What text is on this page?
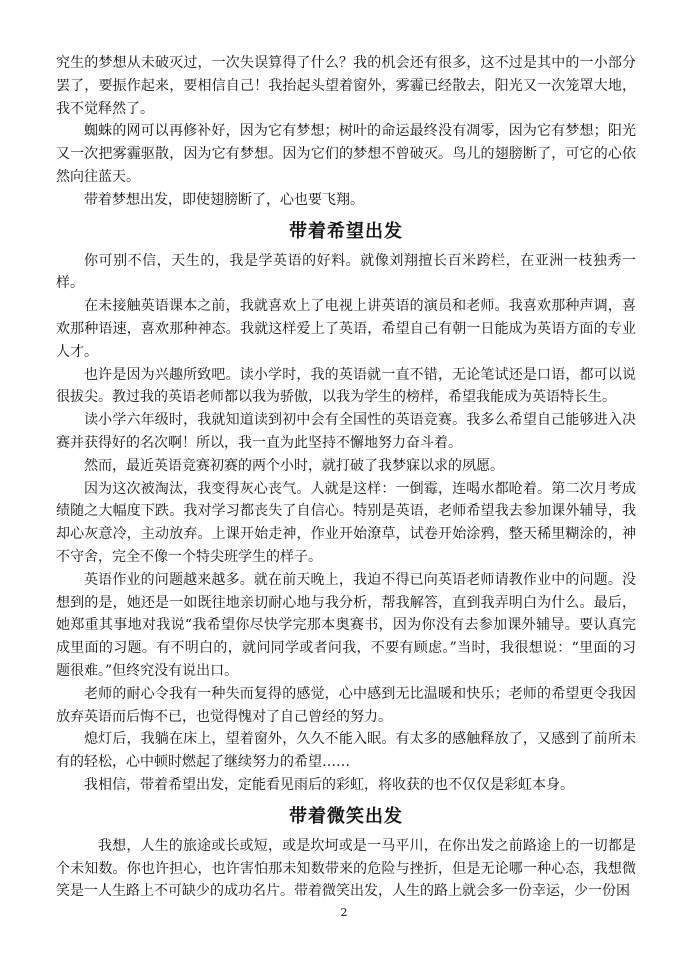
究生的梦想从未破灭过，一次失误算得了什么？我的机会还有很多，这不过是其中的一小部分罢了，要振作起来，要相信自己！我抬起头望着窗外，雾霾已经散去，阳光又一次笼罩大地，我不觉释然了。

蜘蛛的网可以再修补好，因为它有梦想；树叶的命运最终没有凋零，因为它有梦想；阳光又一次把雾霾驱散，因为它有梦想。因为它们的梦想不曾破灭。鸟儿的翅膀断了，可它的心依然向往蓝天。

带着梦想出发，即使翅膀断了，心也要飞翔。

带着希望出发

你可别不信，天生的，我是学英语的好料。就像刘翔擅长百米跨栏，在亚洲一枝独秀一样。

在未接触英语课本之前，我就喜欢上了电视上讲英语的演员和老师。我喜欢那种声调，喜欢那种语速，喜欢那种神态。我就这样爱上了英语，希望自己有朝一日能成为英语方面的专业人才。

也许是因为兴趣所致吧。读小学时，我的英语就一直不错，无论笔试还是口语，都可以说很拔尖。教过我的英语老师都以我为骄傲，以我为学生的榜样，希望我能成为英语特长生。

读小学六年级时，我就知道读到初中会有全国性的英语竞赛。我多么希望自己能够进入决赛并获得好的名次啊！所以，我一直为此坚持不懈地努力奋斗着。

然而，最近英语竞赛初赛的两个小时，就打破了我梦寐以求的夙愿。

因为这次被淘汰，我变得灰心丧气。人就是这样：一倒霉，连喝水都呛着。第二次月考成绩随之大幅度下跌。我对学习都丧失了自信心。特别是英语，老师希望我去参加课外辅导，我却心灰意冷，主动放弃。上课开始走神，作业开始潦草，试卷开始涂鸦，整天稀里糊涂的，神不守舍，完全不像一个特尖班学生的样子。

英语作业的问题越来越多。就在前天晚上，我迫不得已向英语老师请教作业中的问题。没想到的是，她还是一如既往地亲切耐心地与我分析，帮我解答，直到我弄明白为什么。最后，她郑重其事地对我说“我希望你尽快学完那本奥赛书，因为你没有去参加课外辅导。要认真完成里面的习题。有不明白的，就问同学或者问我，不要有顾虑。”当时，我很想说：“里面的习题很难。”但终究没有说出口。

老师的耐心令我有一种失而复得的感觉，心中感到无比温暖和快乐；老师的希望更令我因放弃英语而后悔不已，也觉得愧对了自己曾经的努力。

熄灯后，我躺在床上，望着窗外，久久不能入眠。有太多的感触释放了，又感到了前所未有的轻松，心中顿时燃起了继续努力的希望……

我相信，带着希望出发，定能看见雨后的彩虹，将收获的也不仅仅是彩虹本身。

带着微笑出发

我想，人生的旅途或长或短，或是坎坷或是一马平川，在你出发之前路途上的一切都是个未知数。你也许担心，也许害怕那未知数带来的危险与挫折，但是无论哪一种心态，我想微笑是一人生路上不可缺少的成功名片。带着微笑出发，人生的路上就会多一份幸运，少一份困

2
